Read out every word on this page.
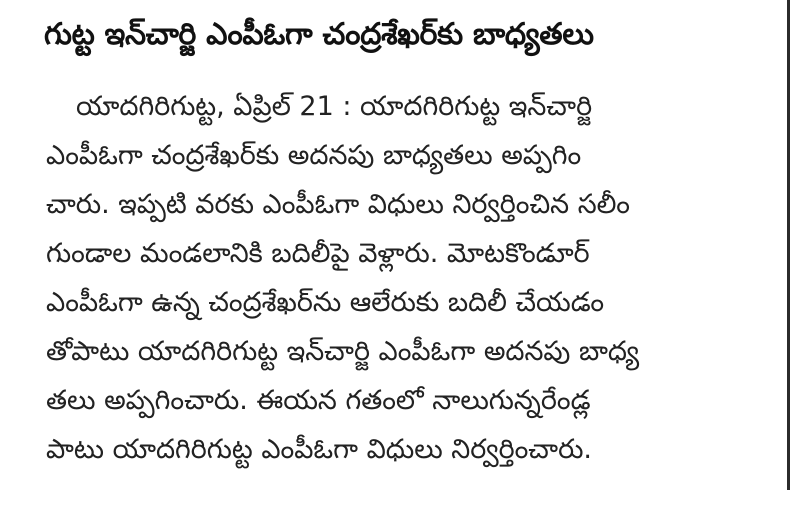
గుట్ట ఇన్‌చార్జి ఎంపీఓగా చంద్రశేఖర్‌కు బాధ్యతలు
యాదగిరిగుట్ట, ఏప్రిల్ 21 : యాదగిరిగుట్ట ఇన్‌చార్జి
ఎంపీఓగా చంద్రశేఖర్‌కు అదనపు బాధ్యతలు అప్పగిం
చారు. ఇప్పటి వరకు ఎంపీఓగా విధులు నిర్వర్తించిన సలీం
గుండాల మండలానికి బదిలీపై వెళ్లారు. మోటకొండూర్
ఎంపీఓగా ఉన్న చంద్రశేఖర్‌ను ఆలేరుకు బదిలీ చేయడం
తోపాటు యాదగిరిగుట్ట ఇన్‌చార్జి ఎంపీఓగా అదనపు బాధ్య
తలు అప్పగించారు. ఈయన గతంలో నాలుగున్నరేండ్ల
పాటు యాదగిరిగుట్ట ఎంపీఓగా విధులు నిర్వర్తించారు.
